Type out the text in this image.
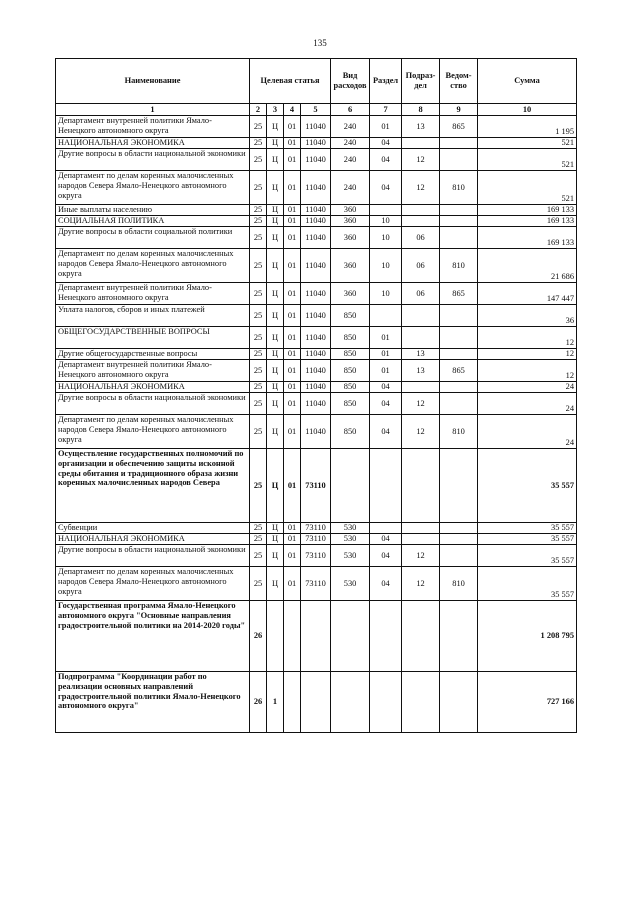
135
Наименование	Целевая статья				Вид расходов	Раздел	Подраз-дел	Ведом-ство	Сумма
1	2	3	4	5	6	7	8	9	10
Департамент внутренней политики Ямало-Ненецкого автономного округа	25	Ц	01	11040	240	01	13	865	1 195
НАЦИОНАЛЬНАЯ ЭКОНОМИКА	25	Ц	01	11040	240	04			521
Другие вопросы в области национальной экономики	25	Ц	01	11040	240	04	12		521
Департамент по делам коренных малочисленных народов Севера Ямало-Ненецкого автономного округа	25	Ц	01	11040	240	04	12	810	521
Иные выплаты населению	25	Ц	01	11040	360				169 133
СОЦИАЛЬНАЯ ПОЛИТИКА	25	Ц	01	11040	360	10			169 133
Другие вопросы в области социальной политики	25	Ц	01	11040	360	10	06		169 133
Департамент по делам коренных малочисленных народов Севера Ямало-Ненецкого автономного округа	25	Ц	01	11040	360	10	06	810	21 686
Департамент внутренней политики Ямало-Ненецкого автономного округа	25	Ц	01	11040	360	10	06	865	147 447
Уплата налогов, сборов и иных платежей	25	Ц	01	11040	850				36
ОБЩЕГОСУДАРСТВЕННЫЕ ВОПРОСЫ	25	Ц	01	11040	850	01			12
Другие общегосударственные вопросы	25	Ц	01	11040	850	01	13		12
Департамент внутренней политики Ямало-Ненецкого автономного округа	25	Ц	01	11040	850	01	13	865	12
НАЦИОНАЛЬНАЯ ЭКОНОМИКА	25	Ц	01	11040	850	04			24
Другие вопросы в области национальной экономики	25	Ц	01	11040	850	04	12		24
Департамент по делам коренных малочисленных народов Севера Ямало-Ненецкого автономного округа	25	Ц	01	11040	850	04	12	810	24
Осуществление государственных полномочий по организации и обеспечению защиты исконной среды обитания и традиционного образа жизни коренных малочисленных народов Севера	25	Ц	01	73110					35 557
Субвенции	25	Ц	01	73110	530				35 557
НАЦИОНАЛЬНАЯ ЭКОНОМИКА	25	Ц	01	73110	530	04			35 557
Другие вопросы в области национальной экономики	25	Ц	01	73110	530	04	12		35 557
Департамент по делам коренных малочисленных народов Севера Ямало-Ненецкого автономного округа	25	Ц	01	73110	530	04	12	810	35 557
Государственная программа Ямало-Ненецкого автономного округа "Основные направления градостроительной политики на 2014-2020 годы"	26								1 208 795
Подпрограмма "Координации работ по реализации основных направлений градостроительной политики Ямало-Ненецкого автономного округа"	26	1							727 166
